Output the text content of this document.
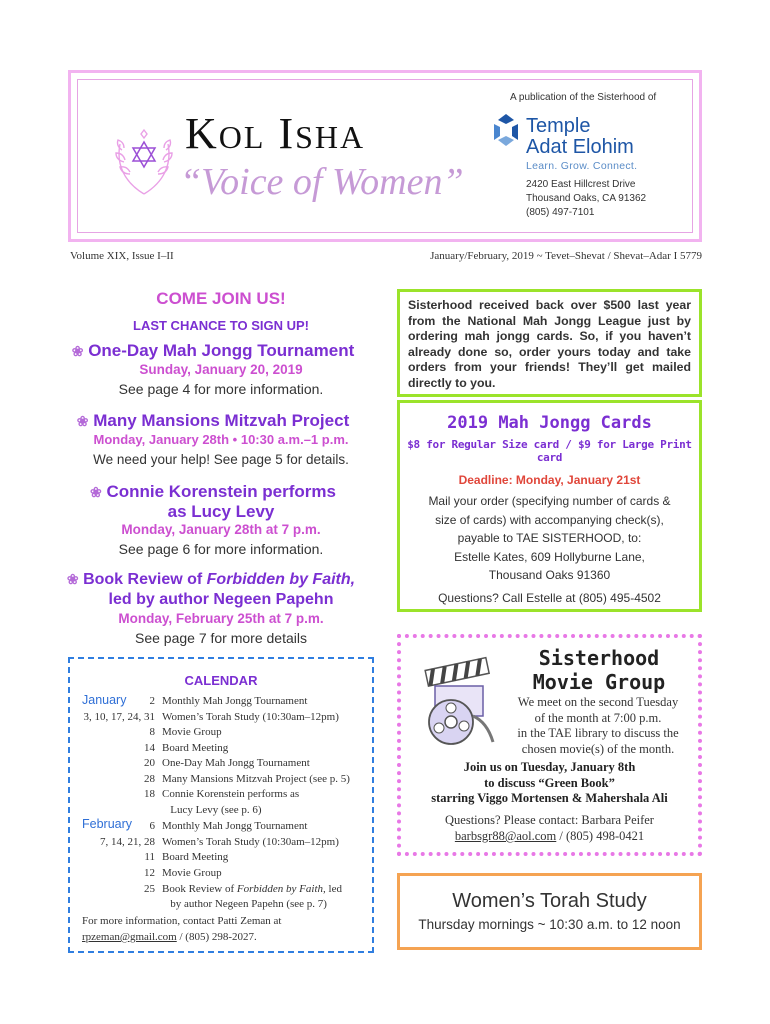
KOL ISHA
“Voice of Women”
A publication of the Sisterhood of
Temple
Adat Elohim
Learn. Grow. Connect.
2420 East Hillcrest Drive
Thousand Oaks, CA 91362
(805) 497-7101
Volume XIX, Issue I–II	January/February, 2019 ~ Tevet–Shevat / Shevat–Adar I 5779
COME JOIN US!
LAST CHANCE TO SIGN UP!
❀ One-Day Mah Jongg Tournament
Sunday, January 20, 2019
See page 4 for more information.
❀ Many Mansions Mitzvah Project
Monday, January 28th • 10:30 a.m.–1 p.m.
We need your help! See page 5 for details.
❀ Connie Korenstein performs
as Lucy Levy
Monday, January 28th at 7 p.m.
See page 6 for more information.
❀ Book Review of Forbidden by Faith,
led by author Negeen Papehn
Monday, February 25th at 7 p.m.
See page 7 for more details
CALENDAR
January	2 Monthly Mah Jongg Tournament
3, 10, 17, 24, 31 Women’s Torah Study (10:30am–12pm)
8 Movie Group
14 Board Meeting
20 One-Day Mah Jongg Tournament
28 Many Mansions Mitzvah Project (see p. 5)
18 Connie Korenstein performs as
Lucy Levy (see p. 6)
February	6 Monthly Mah Jongg Tournament
7, 14, 21, 28 Women’s Torah Study (10:30am–12pm)
11 Board Meeting
12 Movie Group
25 Book Review of Forbidden by Faith, led
by author Negeen Papehn (see p. 7)
For more information, contact Patti Zeman at
rpzeman@gmail.com / (805) 298-2027.
Sisterhood received back over $500 last year from the National Mah Jongg League just by ordering mah jongg cards. So, if you haven’t already done so, order yours today and take orders from your friends! They’ll get mailed directly to you.
2019 Mah Jongg Cards
$8 for Regular Size card / $9 for Large Print card
Deadline: Monday, January 21st
Mail your order (specifying number of cards &
size of cards) with accompanying check(s),
payable to TAE SISTERHOOD, to:
Estelle Kates, 609 Hollyburne Lane,
Thousand Oaks 91360
Questions? Call Estelle at (805) 495-4502
Sisterhood
Movie Group
We meet on the second Tuesday
of the month at 7:00 p.m.
in the TAE library to discuss the
chosen movie(s) of the month.
Join us on Tuesday, January 8th
to discuss “Green Book”
starring Viggo Mortensen & Mahershala Ali
Questions? Please contact: Barbara Peifer
barbsgr88@aol.com / (805) 498-0421
Women’s Torah Study
Thursday mornings ~ 10:30 a.m. to 12 noon
